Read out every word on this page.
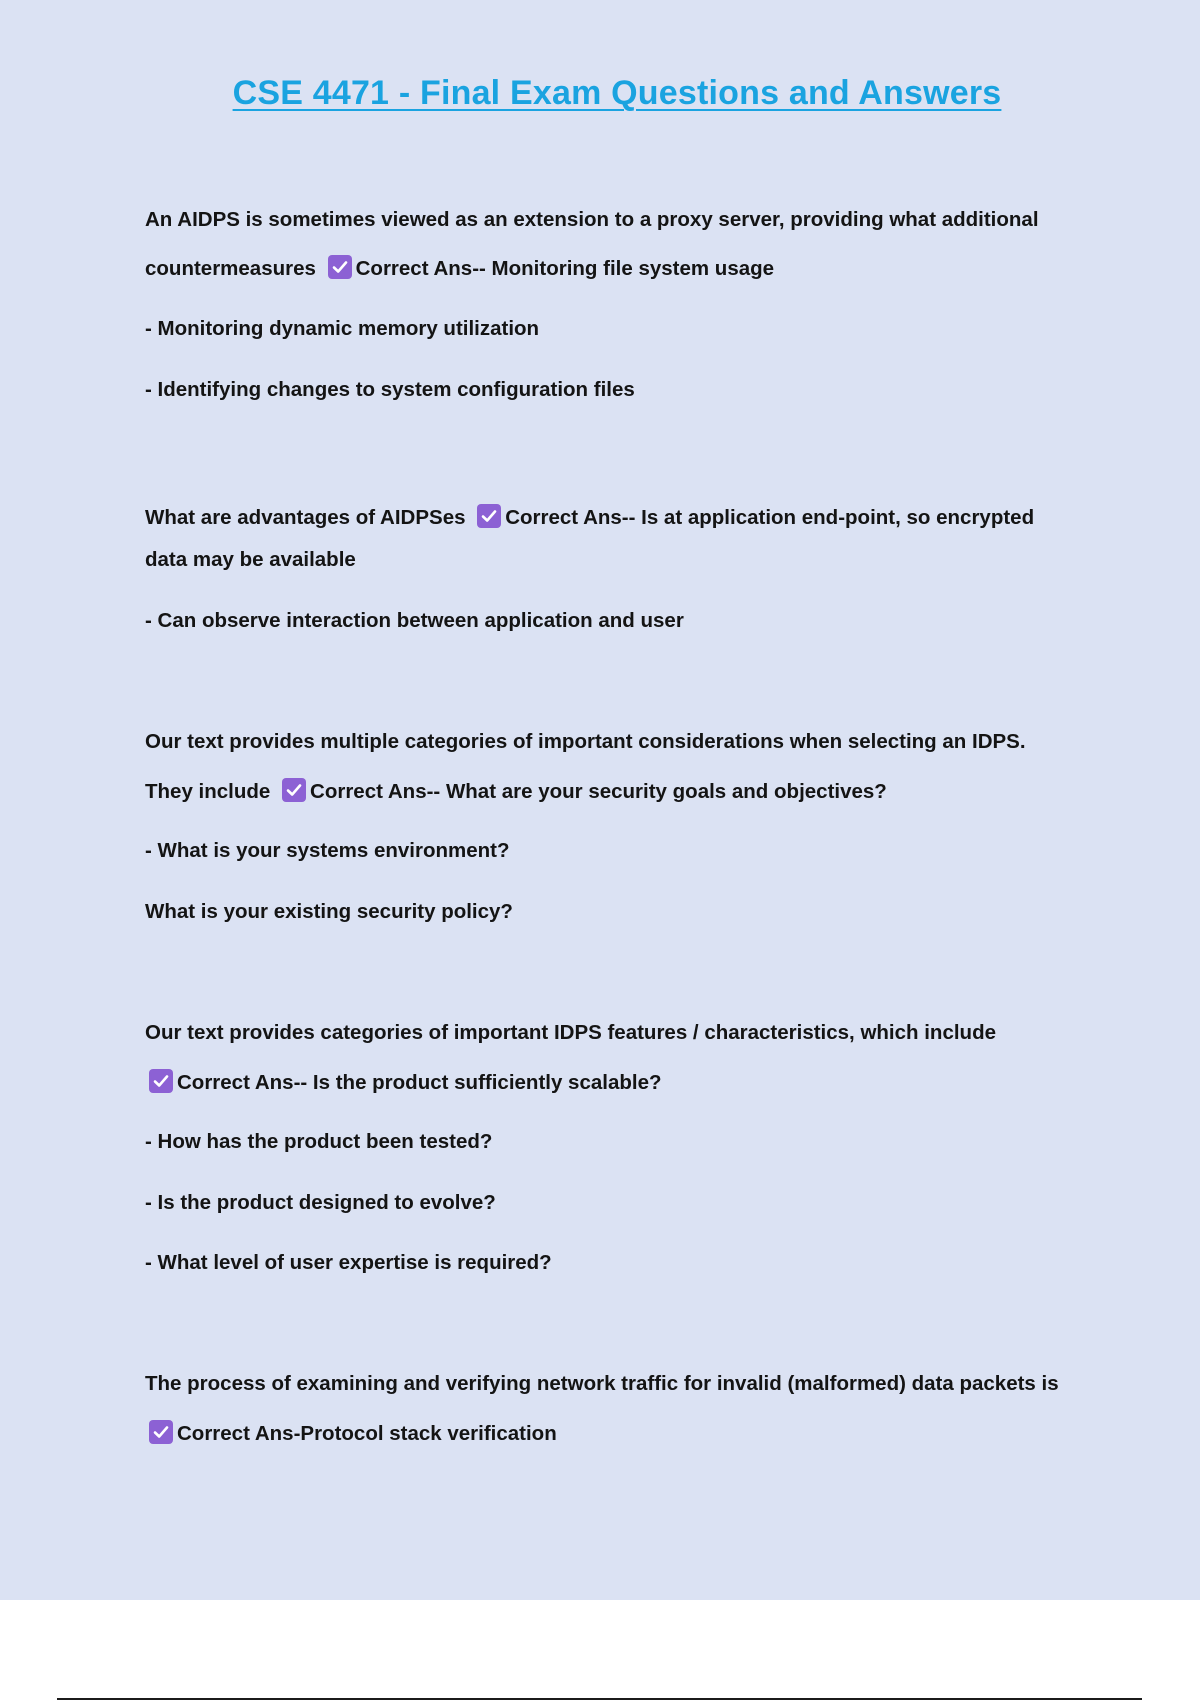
CSE 4471 - Final Exam Questions and Answers
An AIDPS is sometimes viewed as an extension to a proxy server, providing what additional
countermeasures Correct Ans-- Monitoring file system usage
- Monitoring dynamic memory utilization
- Identifying changes to system configuration files
What are advantages of AIDPSes Correct Ans-- Is at application end-point, so encrypted
data may be available
- Can observe interaction between application and user
Our text provides multiple categories of important considerations when selecting an IDPS.
They include Correct Ans-- What are your security goals and objectives?
- What is your systems environment?
What is your existing security policy?
Our text provides categories of important IDPS features / characteristics, which include
Correct Ans-- Is the product sufficiently scalable?
- How has the product been tested?
- Is the product designed to evolve?
- What level of user expertise is required?
The process of examining and verifying network traffic for invalid (malformed) data packets is
Correct Ans-Protocol stack verification
